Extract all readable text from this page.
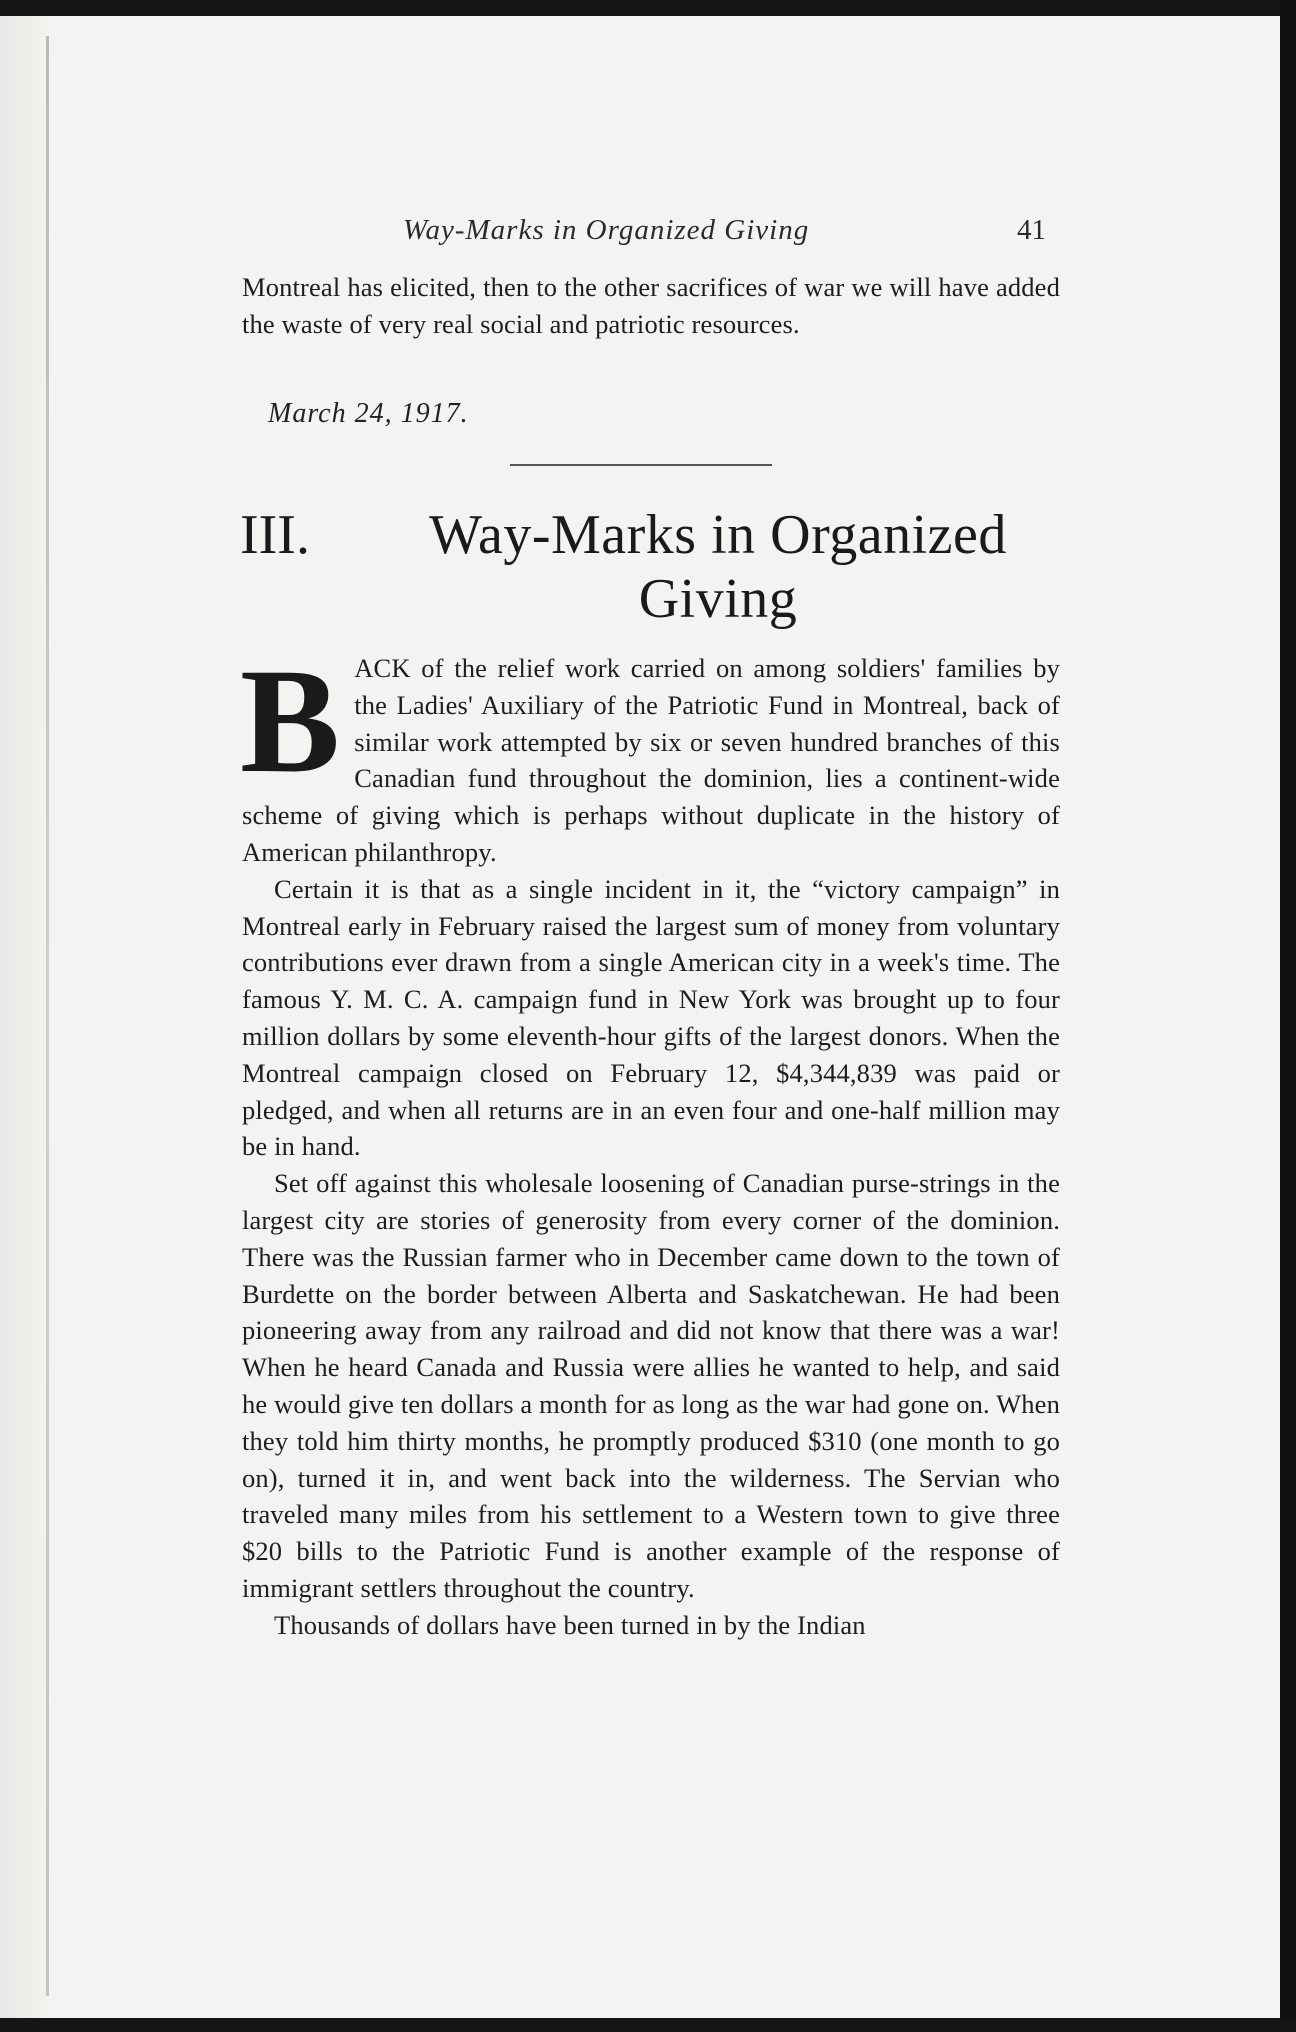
Way-Marks in Organized Giving	41

Montreal has elicited, then to the other sacrifices of war we will have added the waste of very real social and patriotic resources.

March 24, 1917.
III.	Way-Marks in Organized Giving

BACK of the relief work carried on among soldiers' families by the Ladies' Auxiliary of the Patriotic Fund in Montreal, back of similar work attempted by six or seven hundred branches of this Canadian fund throughout the dominion, lies a continent-wide scheme of giving which is perhaps without duplicate in the history of American philanthropy.

Certain it is that as a single incident in it, the “victory campaign” in Montreal early in February raised the largest sum of money from voluntary contributions ever drawn from a single American city in a week's time. The famous Y. M. C. A. campaign fund in New York was brought up to four million dollars by some eleventh-hour gifts of the largest donors. When the Montreal campaign closed on February 12, $4,344,839 was paid or pledged, and when all returns are in an even four and one-half million may be in hand.

Set off against this wholesale loosening of Canadian purse-strings in the largest city are stories of generosity from every corner of the dominion. There was the Russian farmer who in December came down to the town of Burdette on the border between Alberta and Saskatchewan. He had been pioneering away from any railroad and did not know that there was a war! When he heard Canada and Russia were allies he wanted to help, and said he would give ten dollars a month for as long as the war had gone on. When they told him thirty months, he promptly produced $310 (one month to go on), turned it in, and went back into the wilderness. The Servian who traveled many miles from his settlement to a Western town to give three $20 bills to the Patriotic Fund is another example of the response of immigrant settlers throughout the country.

Thousands of dollars have been turned in by the Indian
